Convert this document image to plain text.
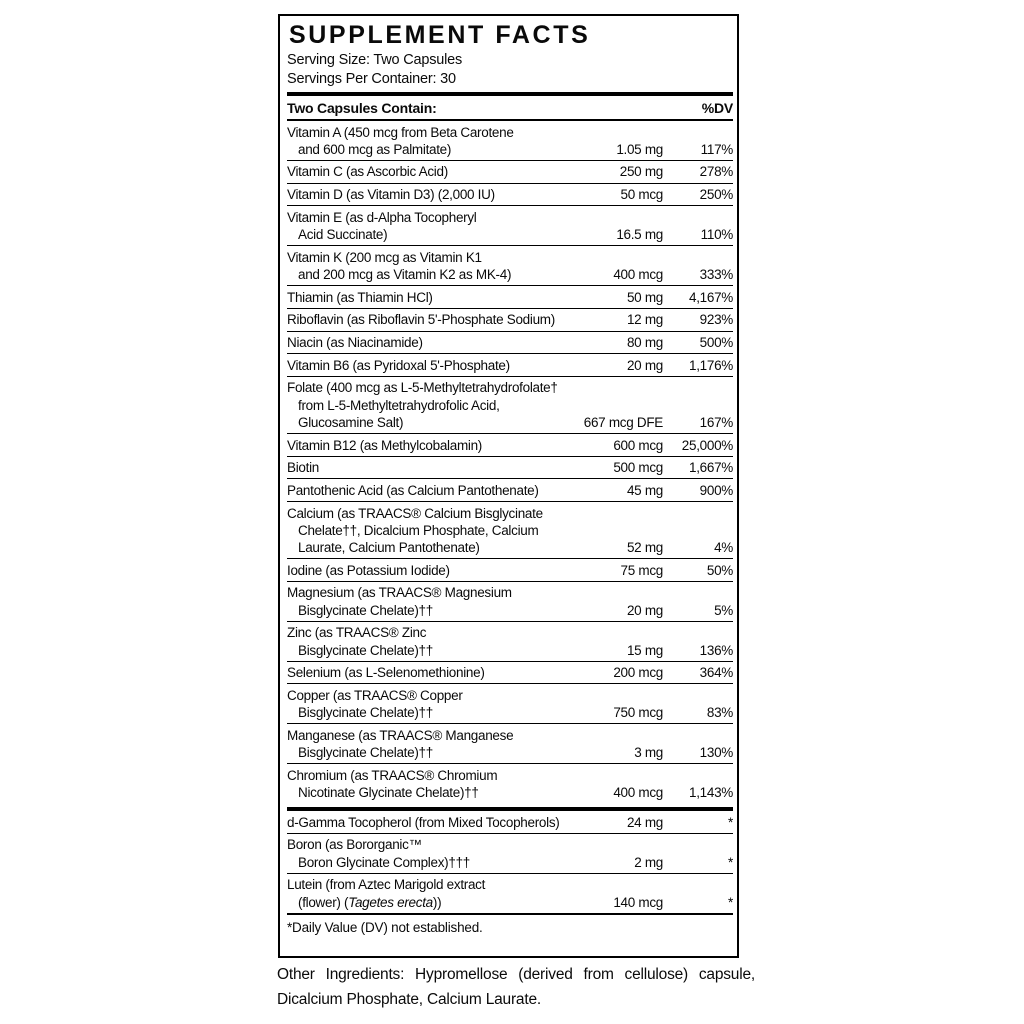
SUPPLEMENT FACTS
Serving Size: Two Capsules
Servings Per Container: 30
Two Capsules Contain:	%DV
Vitamin A (450 mcg from Beta Carotene
and 600 mcg as Palmitate)	1.05 mg	117%
Vitamin C (as Ascorbic Acid)	250 mg	278%
Vitamin D (as Vitamin D3) (2,000 IU)	50 mcg	250%
Vitamin E (as d-Alpha Tocopheryl
Acid Succinate)	16.5 mg	110%
Vitamin K (200 mcg as Vitamin K1
and 200 mcg as Vitamin K2 as MK-4)	400 mcg	333%
Thiamin (as Thiamin HCl)	50 mg	4,167%
Riboflavin (as Riboflavin 5'-Phosphate Sodium)	12 mg	923%
Niacin (as Niacinamide)	80 mg	500%
Vitamin B6 (as Pyridoxal 5'-Phosphate)	20 mg	1,176%
Folate (400 mcg as L-5-Methyltetrahydrofolate†
from L-5-Methyltetrahydrofolic Acid,
Glucosamine Salt)	667 mcg DFE	167%
Vitamin B12 (as Methylcobalamin)	600 mcg	25,000%
Biotin	500 mcg	1,667%
Pantothenic Acid (as Calcium Pantothenate)	45 mg	900%
Calcium (as TRAACS® Calcium Bisglycinate
Chelate††, Dicalcium Phosphate, Calcium
Laurate, Calcium Pantothenate)	52 mg	4%
Iodine (as Potassium Iodide)	75 mcg	50%
Magnesium (as TRAACS® Magnesium
Bisglycinate Chelate)††	20 mg	5%
Zinc (as TRAACS® Zinc
Bisglycinate Chelate)††	15 mg	136%
Selenium (as L-Selenomethionine)	200 mcg	364%
Copper (as TRAACS® Copper
Bisglycinate Chelate)††	750 mcg	83%
Manganese (as TRAACS® Manganese
Bisglycinate Chelate)††	3 mg	130%
Chromium (as TRAACS® Chromium
Nicotinate Glycinate Chelate)††	400 mcg	1,143%
d-Gamma Tocopherol (from Mixed Tocopherols)	24 mg	*
Boron (as Bororganic™
Boron Glycinate Complex)†††	2 mg	*
Lutein (from Aztec Marigold extract
(flower) (Tagetes erecta))	140 mcg	*
*Daily Value (DV) not established.

Other Ingredients: Hypromellose (derived from cellulose) capsule, Dicalcium Phosphate, Calcium Laurate.
